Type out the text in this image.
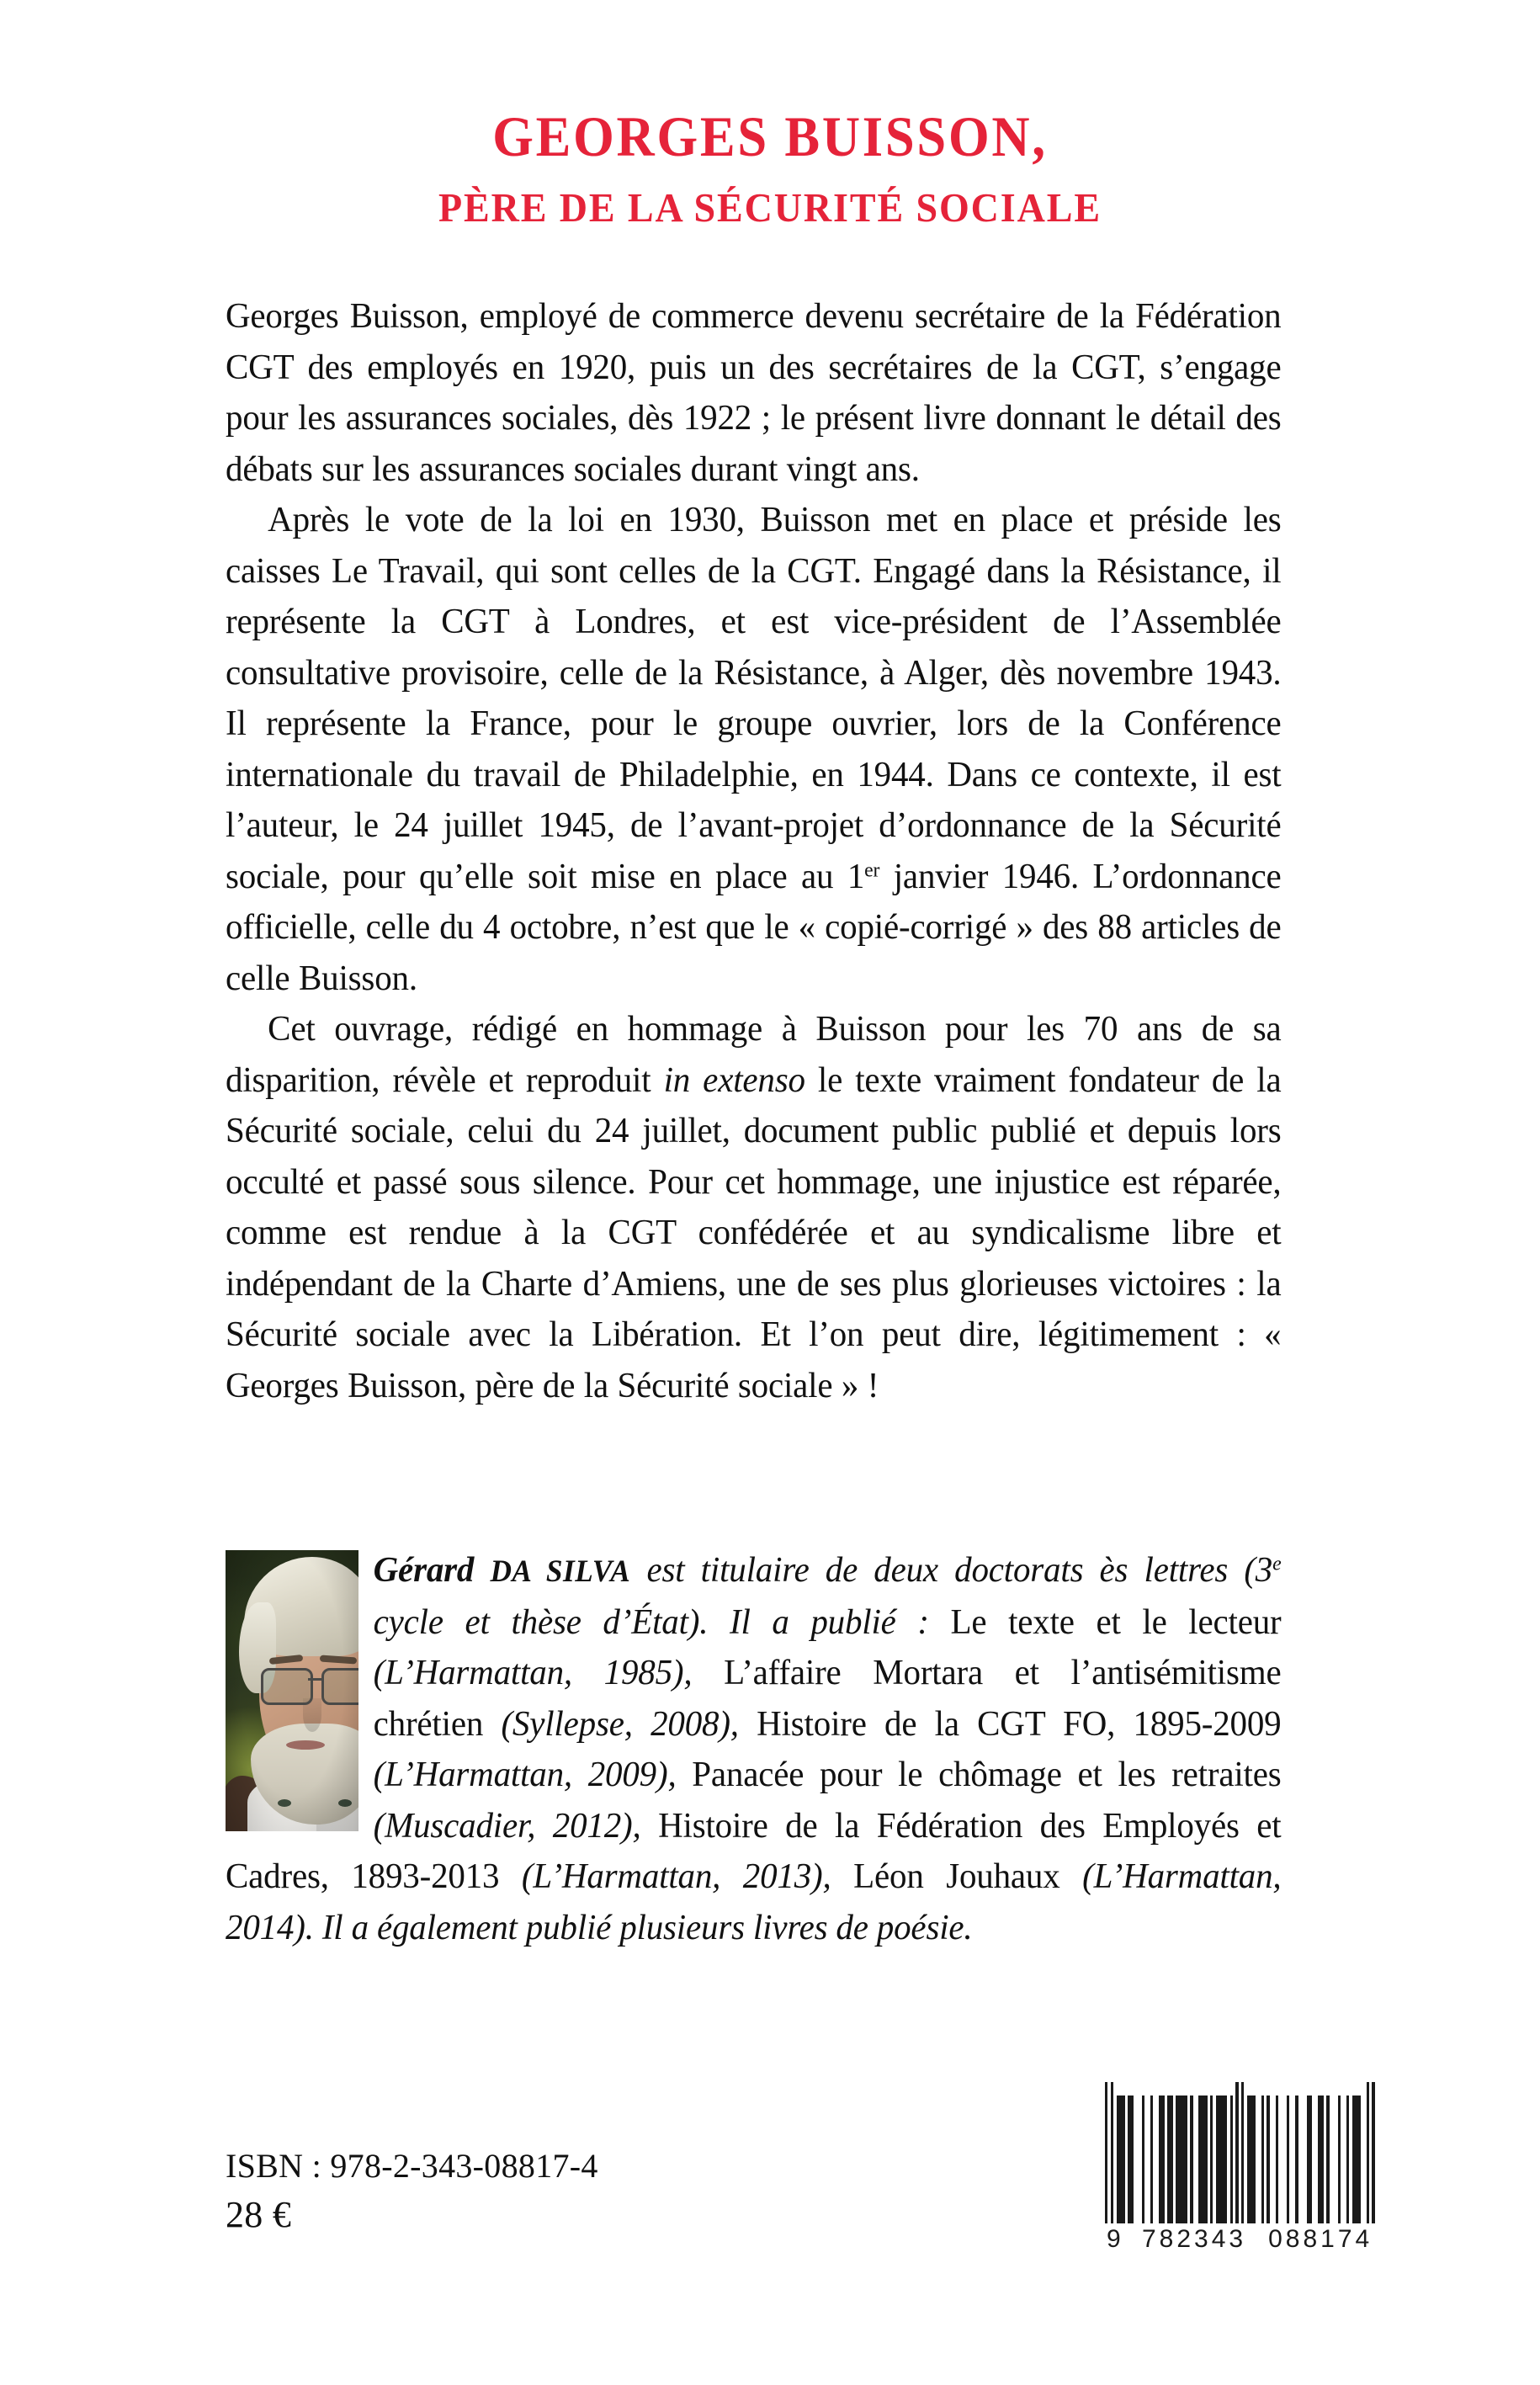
GEORGES BUISSON,
PÈRE DE LA SÉCURITÉ SOCIALE

Georges Buisson, employé de commerce devenu secrétaire de la Fédération CGT des employés en 1920, puis un des secrétaires de la CGT, s’engage pour les assurances sociales, dès 1922 ; le présent livre donnant le détail des débats sur les assurances sociales durant vingt ans.

Après le vote de la loi en 1930, Buisson met en place et préside les caisses Le Travail, qui sont celles de la CGT. Engagé dans la Résistance, il représente la CGT à Londres, et est vice-président de l’Assemblée consultative provisoire, celle de la Résistance, à Alger, dès novembre 1943. Il représente la France, pour le groupe ouvrier, lors de la Conférence internationale du travail de Philadelphie, en 1944. Dans ce contexte, il est l’auteur, le 24 juillet 1945, de l’avant-projet d’ordonnance de la Sécurité sociale, pour qu’elle soit mise en place au 1er janvier 1946. L’ordonnance officielle, celle du 4 octobre, n’est que le « copié-corrigé » des 88 articles de celle Buisson.

Cet ouvrage, rédigé en hommage à Buisson pour les 70 ans de sa disparition, révèle et reproduit in extenso le texte vraiment fondateur de la Sécurité sociale, celui du 24 juillet, document public publié et depuis lors occulté et passé sous silence. Pour cet hommage, une injustice est réparée, comme est rendue à la CGT confédérée et au syndicalisme libre et indépendant de la Charte d’Amiens, une de ses plus glorieuses victoires : la Sécurité sociale avec la Libération. Et l’on peut dire, légitimement : « Georges Buisson, père de la Sécurité sociale » !

Gérard DA SILVA est titulaire de deux doctorats ès lettres (3e cycle et thèse d’État). Il a publié : Le texte et le lecteur (L’Harmattan, 1985), L’affaire Mortara et l’antisémitisme chrétien (Syllepse, 2008), Histoire de la CGT FO, 1895-2009 (L’Harmattan, 2009), Panacée pour le chômage et les retraites (Muscadier, 2012), Histoire de la Fédération des Employés et Cadres, 1893-2013 (L’Harmattan, 2013), Léon Jouhaux (L’Harmattan, 2014). Il a également publié plusieurs livres de poésie.

ISBN : 978-2-343-08817-4

28 €

9 782343 088174
